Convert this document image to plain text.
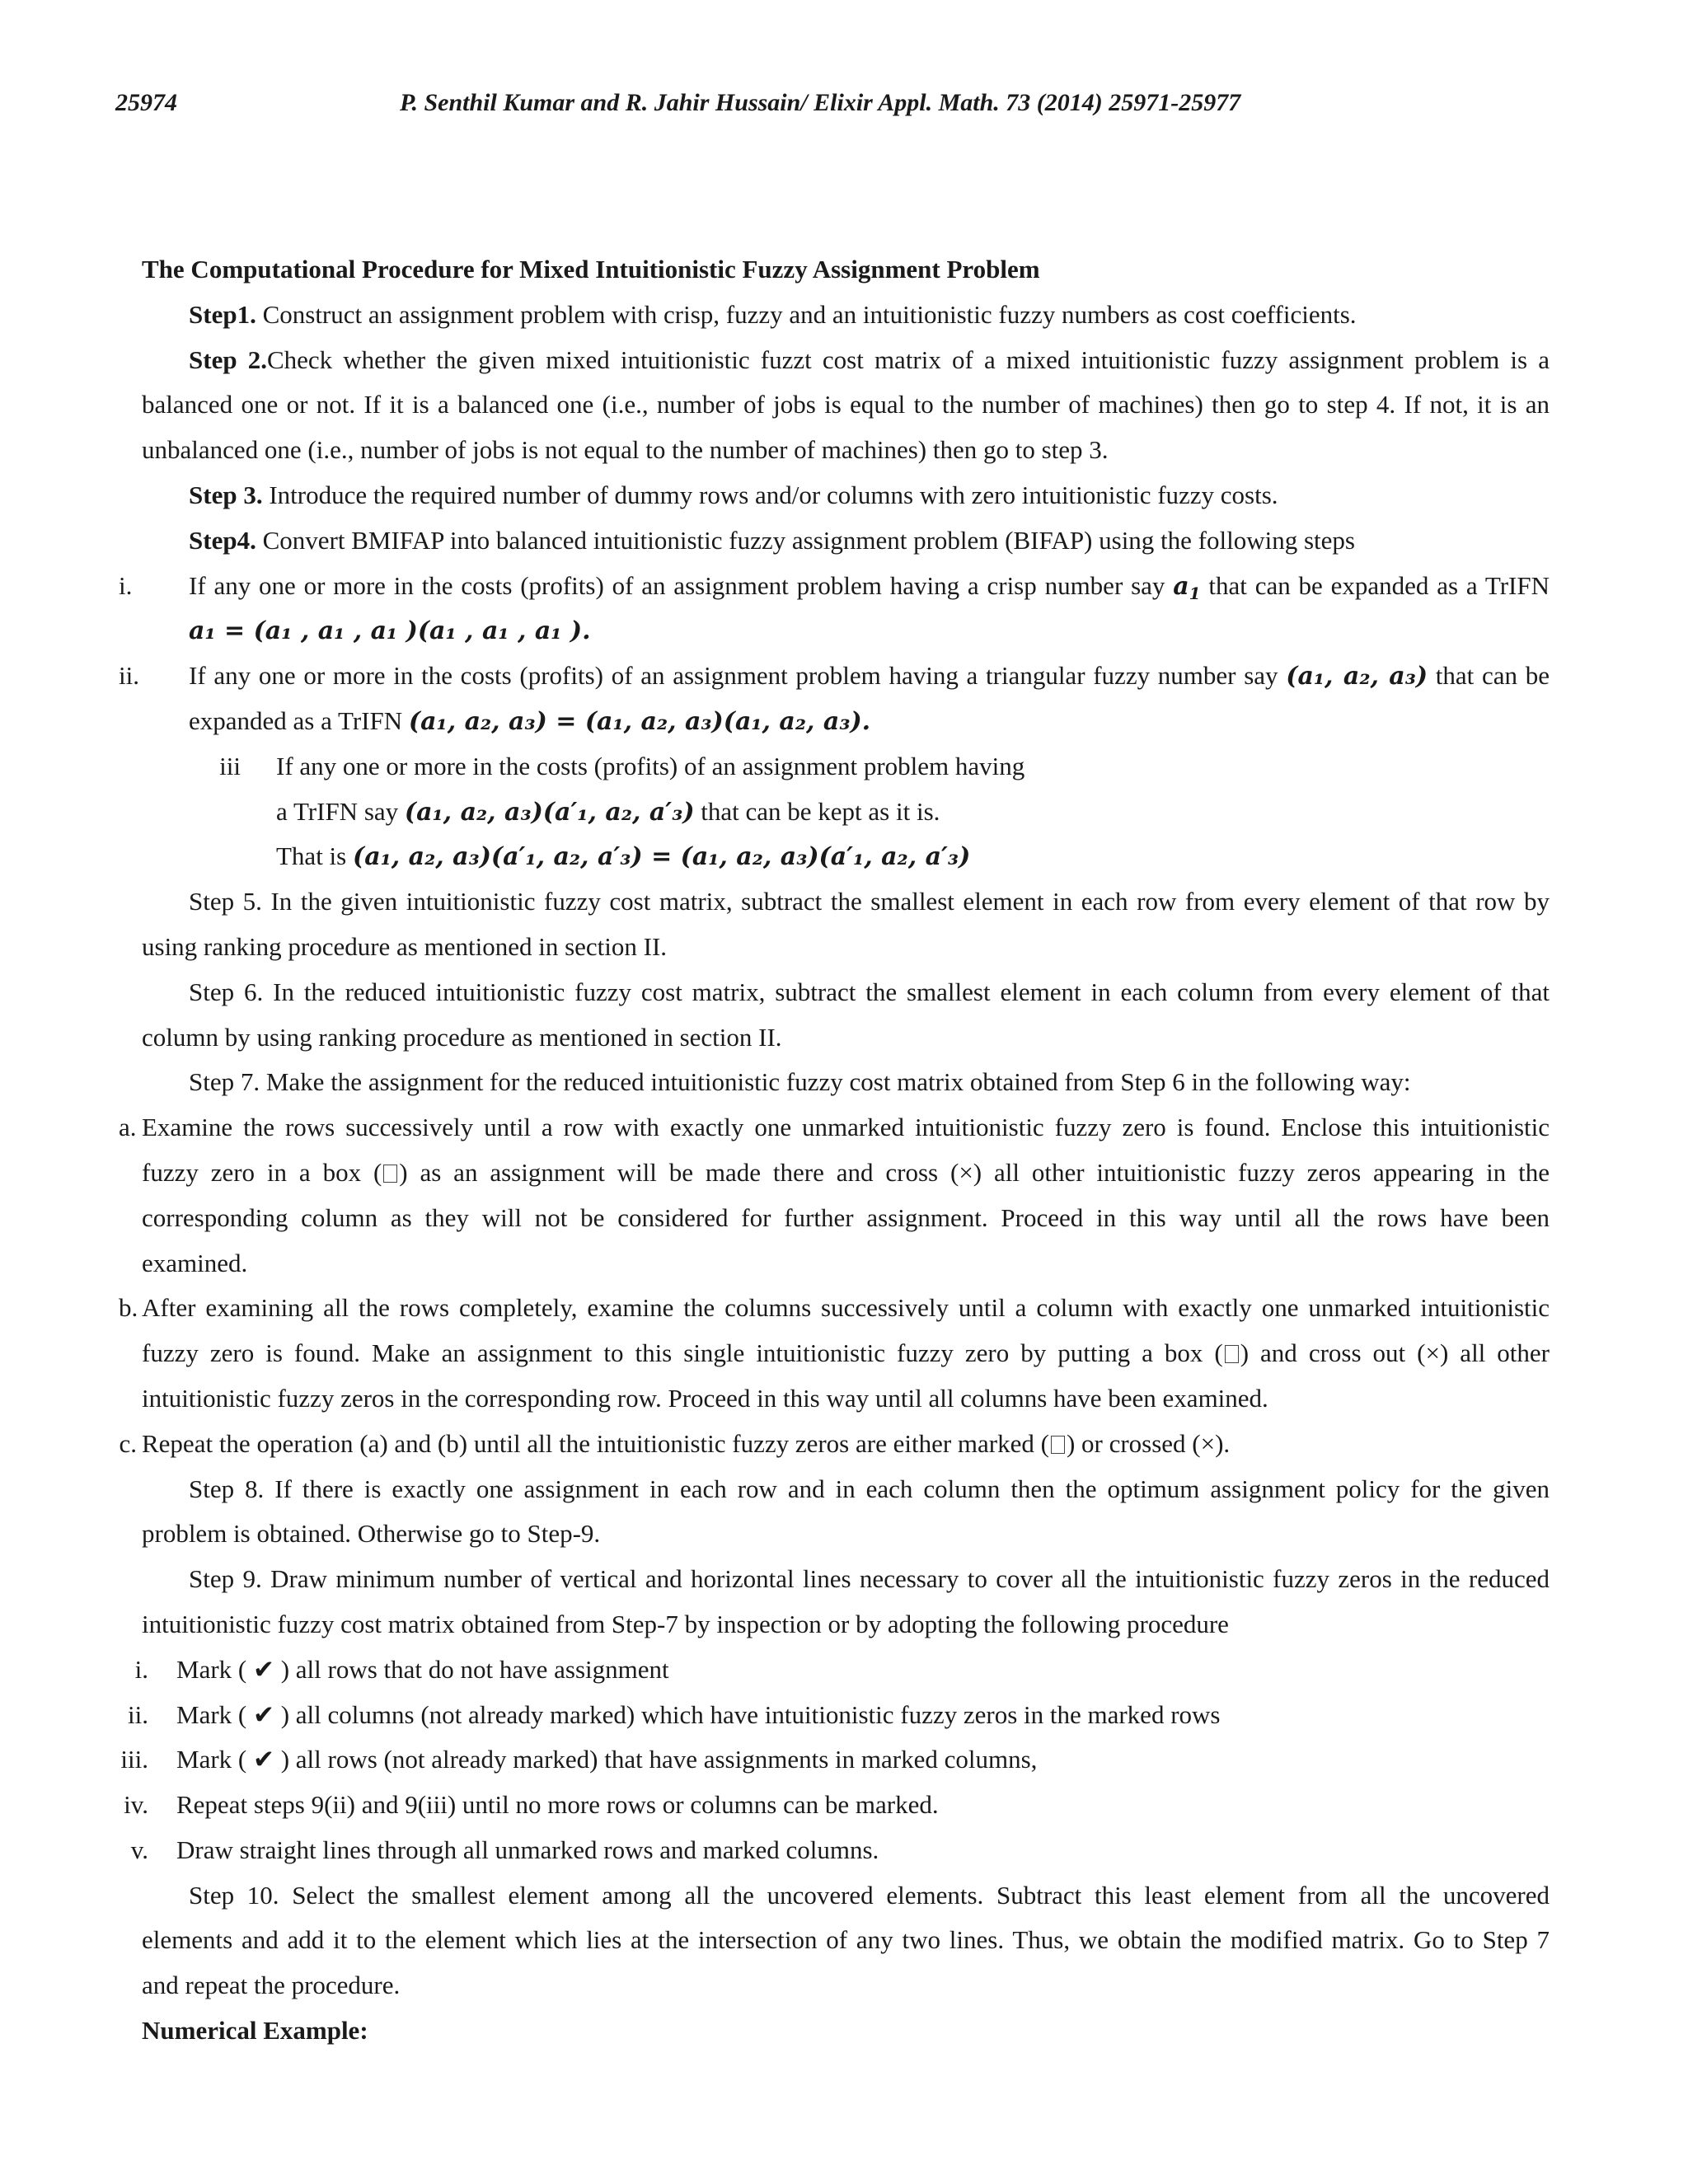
25974	P. Senthil Kumar and R. Jahir Hussain/ Elixir Appl. Math. 73 (2014) 25971-25977
The Computational Procedure for Mixed Intuitionistic Fuzzy Assignment Problem
Step1. Construct an assignment problem with crisp, fuzzy and an intuitionistic fuzzy numbers as cost coefficients.
Step 2.Check whether the given mixed intuitionistic fuzzt cost matrix of a mixed intuitionistic fuzzy assignment problem is a
balanced one or not. If it is a balanced one (i.e., number of jobs is equal to the number of machines) then go to step 4. If not, it is an
unbalanced one (i.e., number of jobs is not equal to the number of machines) then go to step 3.
Step 3. Introduce the required number of dummy rows and/or columns with zero intuitionistic fuzzy costs.
Step4. Convert BMIFAP into balanced intuitionistic fuzzy assignment problem (BIFAP) using the following steps
i.	If any one or more in the costs (profits) of an assignment problem having a crisp number say $a_1$ that can be expanded as a TrIFN
a₁ = (a₁ , a₁ , a₁ )(a₁ , a₁ , a₁ ).
ii. If any one or more in the costs (profits) of an assignment problem having a triangular fuzzy number say (a₁, a₂, a₃) that can be
expanded as a TrIFN (a₁, a₂, a₃) = (a₁, a₂, a₃)(a₁, a₂, a₃).
iii If any one or more in the costs (profits) of an assignment problem having
a TrIFN say (a₁, a₂, a₃)(a′₁, a₂, a′₃) that can be kept as it is.
That is (a₁, a₂, a₃)(a′₁, a₂, a′₃) = (a₁, a₂, a₃)(a′₁, a₂, a′₃)
Step 5. In the given intuitionistic fuzzy cost matrix, subtract the smallest element in each row from every element of that row by
using ranking procedure as mentioned in section II.
Step 6. In the reduced intuitionistic fuzzy cost matrix, subtract the smallest element in each column from every element of that
column by using ranking procedure as mentioned in section II.
Step 7. Make the assignment for the reduced intuitionistic fuzzy cost matrix obtained from Step 6 in the following way:
a. Examine the rows successively until a row with exactly one unmarked intuitionistic fuzzy zero is found. Enclose this intuitionistic
fuzzy zero in a box ( ) as an assignment will be made there and cross (×) all other intuitionistic fuzzy zeros appearing in the
corresponding column as they will not be considered for further assignment. Proceed in this way until all the rows have been
examined.
b. After examining all the rows completely, examine the columns successively until a column with exactly one unmarked intuitionistic
fuzzy zero is found. Make an assignment to this single intuitionistic fuzzy zero by putting a box ( ) and cross out (×) all other
intuitionistic fuzzy zeros in the corresponding row. Proceed in this way until all columns have been examined.
c. Repeat the operation (a) and (b) until all the intuitionistic fuzzy zeros are either marked ( ) or crossed (×).
Step 8. If there is exactly one assignment in each row and in each column then the optimum assignment policy for the given
problem is obtained. Otherwise go to Step-9.
Step 9. Draw minimum number of vertical and horizontal lines necessary to cover all the intuitionistic fuzzy zeros in the reduced
intuitionistic fuzzy cost matrix obtained from Step-7 by inspection or by adopting the following procedure
i. Mark ( ✔ ) all rows that do not have assignment
ii. Mark ( ✔ ) all columns (not already marked) which have intuitionistic fuzzy zeros in the marked rows
iii. Mark ( ✔ ) all rows (not already marked) that have assignments in marked columns,
iv. Repeat steps 9(ii) and 9(iii) until no more rows or columns can be marked.
v. Draw straight lines through all unmarked rows and marked columns.
Step 10. Select the smallest element among all the uncovered elements. Subtract this least element from all the uncovered
elements and add it to the element which lies at the intersection of any two lines. Thus, we obtain the modified matrix. Go to Step 7
and repeat the procedure.
Numerical Example:
